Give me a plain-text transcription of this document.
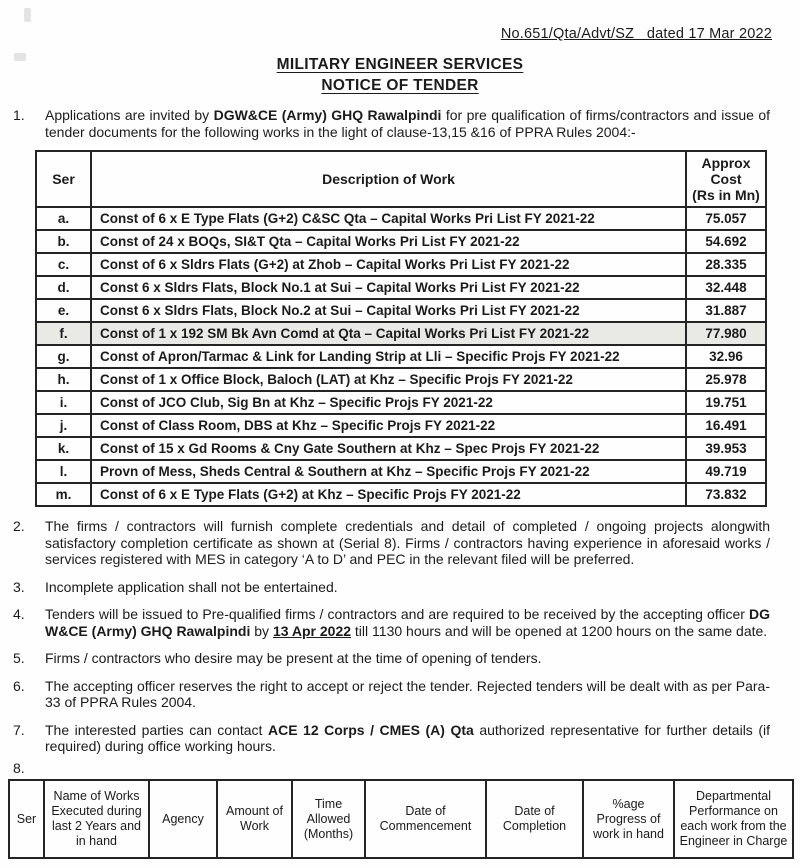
No.651/Qta/Advt/SZ   dated 17 Mar 2022
MILITARY ENGINEER SERVICES
NOTICE OF TENDER
1.	Applications are invited by DGW&CE (Army) GHQ Rawalpindi for pre qualification of firms/contractors and issue of tender documents for the following works in the light of clause-13,15 &16 of PPRA Rules 2004:-
Ser	Description of Work	Approx Cost
(Rs in Mn)

a.	Const of 6 x E Type Flats (G+2) C&SC Qta – Capital Works Pri List FY 2021-22	75.057
b.	Const of 24 x BOQs, SI&T Qta – Capital Works Pri List FY 2021-22	54.692
c.	Const of 6 x Sldrs Flats (G+2) at Zhob – Capital Works Pri List FY 2021-22	28.335
d.	Const 6 x Sldrs Flats, Block No.1 at Sui – Capital Works Pri List FY 2021-22	32.448
e.	Const 6 x Sldrs Flats, Block No.2 at Sui – Capital Works Pri List FY 2021-22	31.887
f.	Const of 1 x 192 SM Bk Avn Comd at Qta – Capital Works Pri List FY 2021-22	77.980
g.	Const of Apron/Tarmac & Link for Landing Strip at Lli – Specific Projs FY 2021-22	32.96
h.	Const of 1 x Office Block, Baloch (LAT) at Khz – Specific Projs FY 2021-22	25.978
i.	Const of JCO Club, Sig Bn at Khz – Specific Projs FY 2021-22	19.751
j.	Const of Class Room, DBS at Khz – Specific Projs FY 2021-22	16.491
k.	Const of 15 x Gd Rooms & Cny Gate Southern at Khz – Spec Projs FY 2021-22	39.953
l.	Provn of Mess, Sheds Central & Southern at Khz – Specific Projs FY 2021-22	49.719
m.	Const of 6 x E Type Flats (G+2) at Khz – Specific Projs FY 2021-22	73.832
2.	The firms / contractors will furnish complete credentials and detail of completed / ongoing projects alongwith satisfactory completion certificate as shown at (Serial 8). Firms / contractors having experience in aforesaid works / services registered with MES in category ‘A to D’ and PEC in the relevant filed will be preferred.
3.	Incomplete application shall not be entertained.
4.	Tenders will be issued to Pre-qualified firms / contractors and are required to be received by the accepting officer DG W&CE (Army) GHQ Rawalpindi by 13 Apr 2022 till 1130 hours and will be opened at 1200 hours on the same date.
5.	Firms / contractors who desire may be present at the time of opening of tenders.
6.	The accepting officer reserves the right to accept or reject the tender. Rejected tenders will be dealt with as per Para-33 of PPRA Rules 2004.
7.	The interested parties can contact ACE 12 Corps / CMES (A) Qta authorized representative for further details (if required) during office working hours.
8.
Ser	Name of Works Executed during last 2 Years and in hand	Agency	Amount of Work	Time Allowed (Months)	Date of Commencement	Date of Completion	%age Progress of work in hand	Departmental Performance on each work from the Engineer in Charge
